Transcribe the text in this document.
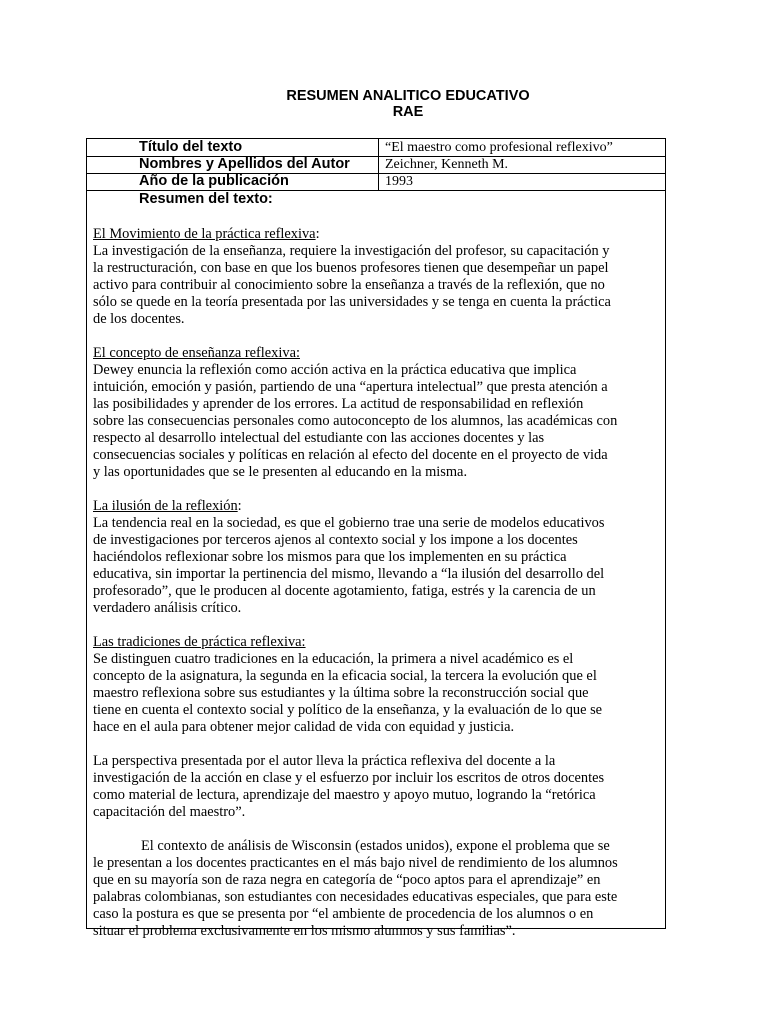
RESUMEN ANALITICO EDUCATIVO
RAE
Título del texto	“El maestro como profesional reflexivo”
Nombres y Apellidos del Autor	Zeichner, Kenneth M.
Año de la publicación	1993
Resumen del texto:
El Movimiento de la práctica reflexiva:
La investigación de la enseñanza, requiere la investigación del profesor, su capacitación y
la restructuración, con base en que los buenos profesores tienen que desempeñar un papel
activo para contribuir al conocimiento sobre la enseñanza a través de la reflexión, que no
sólo se quede en la teoría presentada por las universidades y se tenga en cuenta la práctica
de los docentes.
El concepto de enseñanza reflexiva:
Dewey enuncia la reflexión como acción activa en la práctica educativa que implica
intuición, emoción y pasión, partiendo de una “apertura intelectual” que presta atención a
las posibilidades y aprender de los errores. La actitud de responsabilidad en reflexión
sobre las consecuencias personales como autoconcepto de los alumnos, las académicas con
respecto al desarrollo intelectual del estudiante con las acciones docentes y las
consecuencias sociales y políticas en relación al efecto del docente en el proyecto de vida
y las oportunidades que se le presenten al educando en la misma.
La ilusión de la reflexión:
La tendencia real en la sociedad, es que el gobierno trae una serie de modelos educativos
de investigaciones por terceros ajenos al contexto social y los impone a los docentes
haciéndolos reflexionar sobre los mismos para que los implementen en su práctica
educativa, sin importar la pertinencia del mismo, llevando a “la ilusión del desarrollo del
profesorado”, que le producen al docente agotamiento, fatiga, estrés y la carencia de un
verdadero análisis crítico.
Las tradiciones de práctica reflexiva:
Se distinguen cuatro tradiciones en la educación, la primera a nivel académico es el
concepto de la asignatura, la segunda en la eficacia social, la tercera la evolución que el
maestro reflexiona sobre sus estudiantes y la última sobre la reconstrucción social que
tiene en cuenta el contexto social y político de la enseñanza, y la evaluación de lo que se
hace en el aula para obtener mejor calidad de vida con equidad y justicia.
La perspectiva presentada por el autor lleva la práctica reflexiva del docente a la
investigación de la acción en clase y el esfuerzo por incluir los escritos de otros docentes
como material de lectura, aprendizaje del maestro y apoyo mutuo, logrando la “retórica
capacitación del maestro”.
El contexto de análisis de Wisconsin (estados unidos), expone el problema que se
le presentan a los docentes practicantes en el más bajo nivel de rendimiento de los alumnos
que en su mayoría son de raza negra en categoría de “poco aptos para el aprendizaje” en
palabras colombianas, son estudiantes con necesidades educativas especiales, que para este
caso la postura es que se presenta por “el ambiente de procedencia de los alumnos o en
situar el problema exclusivamente en los mismo alumnos y sus familias”.
